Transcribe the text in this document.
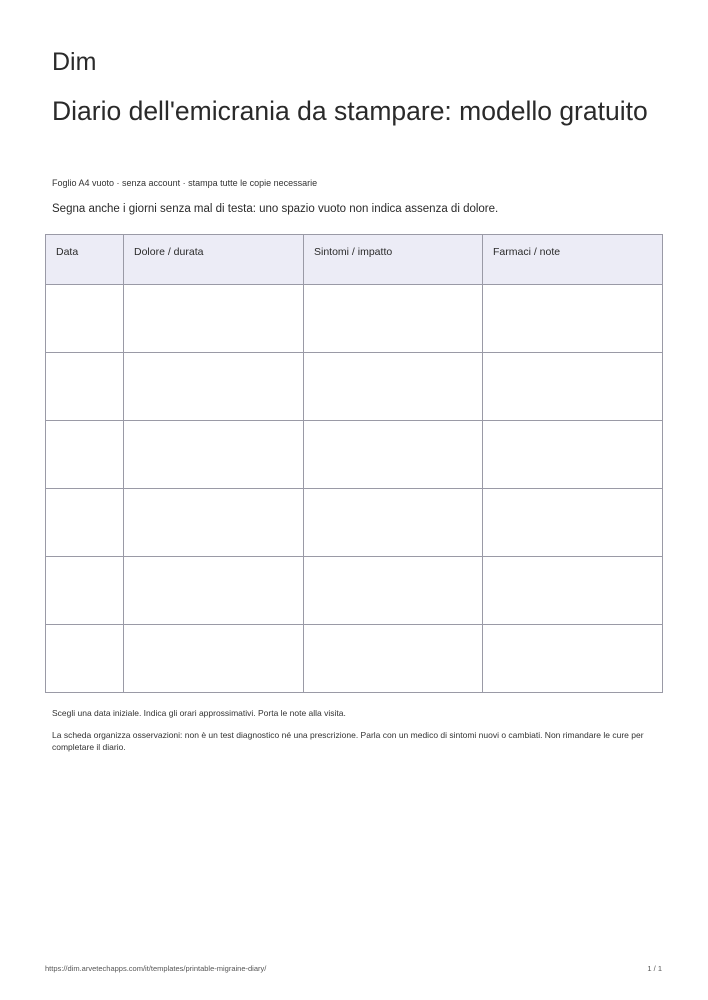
Dim
Diario dell'emicrania da stampare: modello gratuito
Foglio A4 vuoto · senza account · stampa tutte le copie necessarie

Segna anche i giorni senza mal di testa: uno spazio vuoto non indica assenza di dolore.

Data	Dolore / durata	Sintomi / impatto	Farmaci / note

Scegli una data iniziale. Indica gli orari approssimativi. Porta le note alla visita.

La scheda organizza osservazioni: non è un test diagnostico né una prescrizione. Parla con un medico di sintomi nuovi o cambiati. Non rimandare le cure per completare il diario.

https://dim.arvetechapps.com/it/templates/printable-migraine-diary/	1 / 1
